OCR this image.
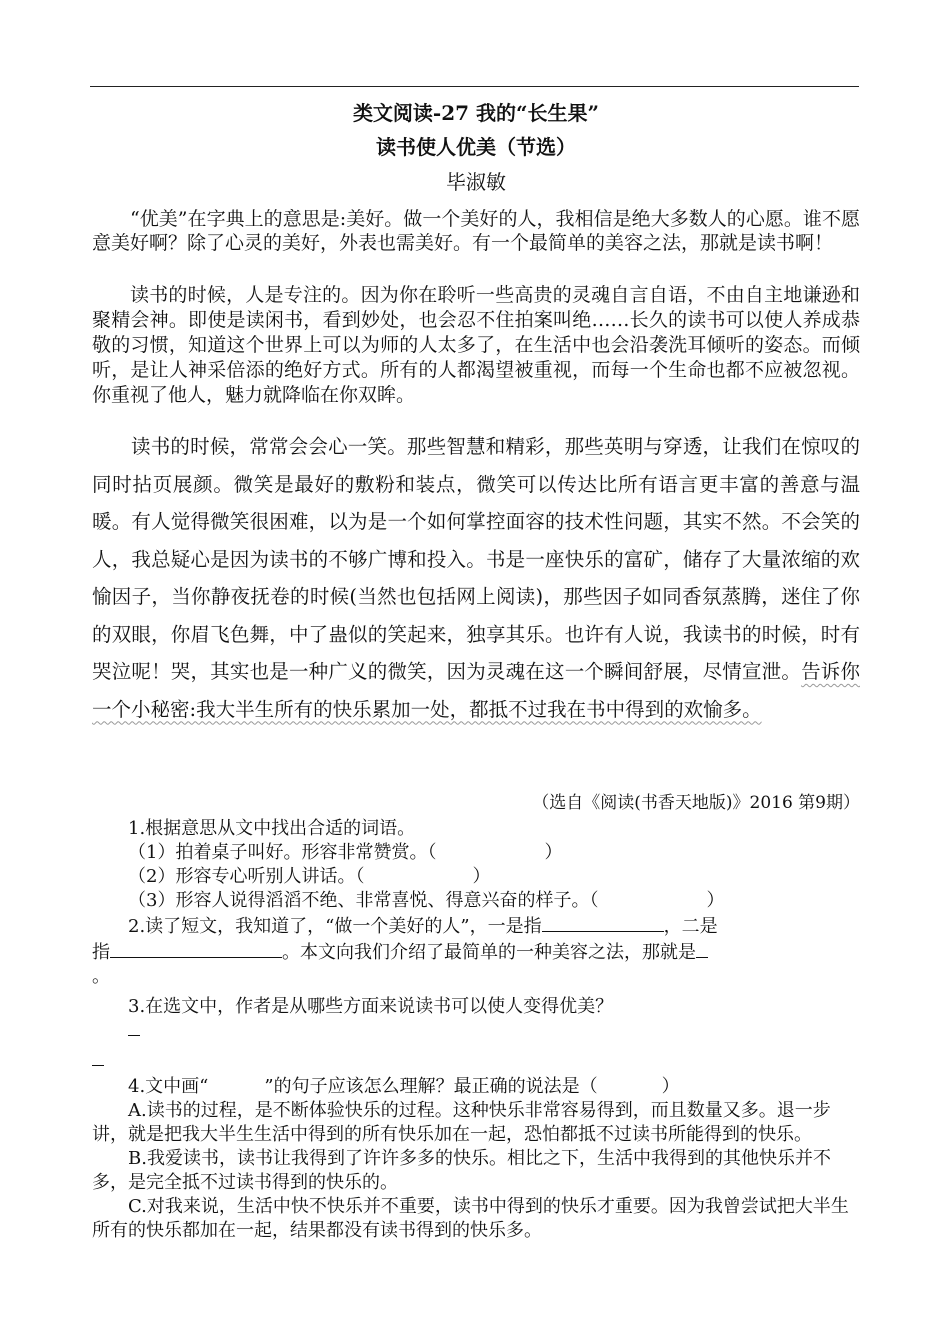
类文阅读-27 我的“长生果”
读书使人优美（节选）
毕淑敏

“优美”在字典上的意思是:美好。做一个美好的人，我相信是绝大多数人的心愿。谁不愿意美好啊？除了心灵的美好，外表也需美好。有一个最简单的美容之法，那就是读书啊！

读书的时候，人是专注的。因为你在聆听一些高贵的灵魂自言自语，不由自主地谦逊和聚精会神。即使是读闲书，看到妙处，也会忍不住拍案叫绝……长久的读书可以使人养成恭敬的习惯，知道这个世界上可以为师的人太多了，在生活中也会沿袭洗耳倾听的姿态。而倾听，是让人神采倍添的绝好方式。所有的人都渴望被重视，而每一个生命也都不应被忽视。你重视了他人，魅力就降临在你双眸。

读书的时候，常常会会心一笑。那些智慧和精彩，那些英明与穿透，让我们在惊叹的同时拈页展颜。微笑是最好的敷粉和装点，微笑可以传达比所有语言更丰富的善意与温暖。有人觉得微笑很困难，以为是一个如何掌控面容的技术性问题，其实不然。不会笑的人，我总疑心是因为读书的不够广博和投入。书是一座快乐的富矿，储存了大量浓缩的欢愉因子，当你静夜抚卷的时候(当然也包括网上阅读)，那些因子如同香氛蒸腾，迷住了你的双眼，你眉飞色舞，中了蛊似的笑起来，独享其乐。也许有人说，我读书的时候，时有哭泣呢！哭，其实也是一种广义的微笑，因为灵魂在这一个瞬间舒展，尽情宣泄。告诉你一个小秘密:我大半生所有的快乐累加一处，都抵不过我在书中得到的欢愉多。

（选自《阅读(书香天地版)》2016 第9期）

1.根据意思从文中找出合适的词语。

（1）拍着桌子叫好。形容非常赞赏。（	）

（2）形容专心听别人讲话。（	）

（3）形容人说得滔滔不绝、非常喜悦、得意兴奋的样子。（	）

2.读了短文，我知道了，“做一个美好的人”，一是指	，二是

指	。本文向我们介绍了最简单的一种美容之法，那就是

。

3.在选文中，作者是从哪些方面来说读书可以使人变得优美？

4.文中画“	”的句子应该怎么理解？最正确的说法是（	）

A.读书的过程，是不断体验快乐的过程。这种快乐非常容易得到，而且数量又多。退一步讲，就是把我大半生生活中得到的所有快乐加在一起，恐怕都抵不过读书所能得到的快乐。

B.我爱读书，读书让我得到了许许多多的快乐。相比之下，生活中我得到的其他快乐并不多，是完全抵不过读书得到的快乐的。

C.对我来说，生活中快不快乐并不重要，读书中得到的快乐才重要。因为我曾尝试把大半生所有的快乐都加在一起，结果都没有读书得到的快乐多。
